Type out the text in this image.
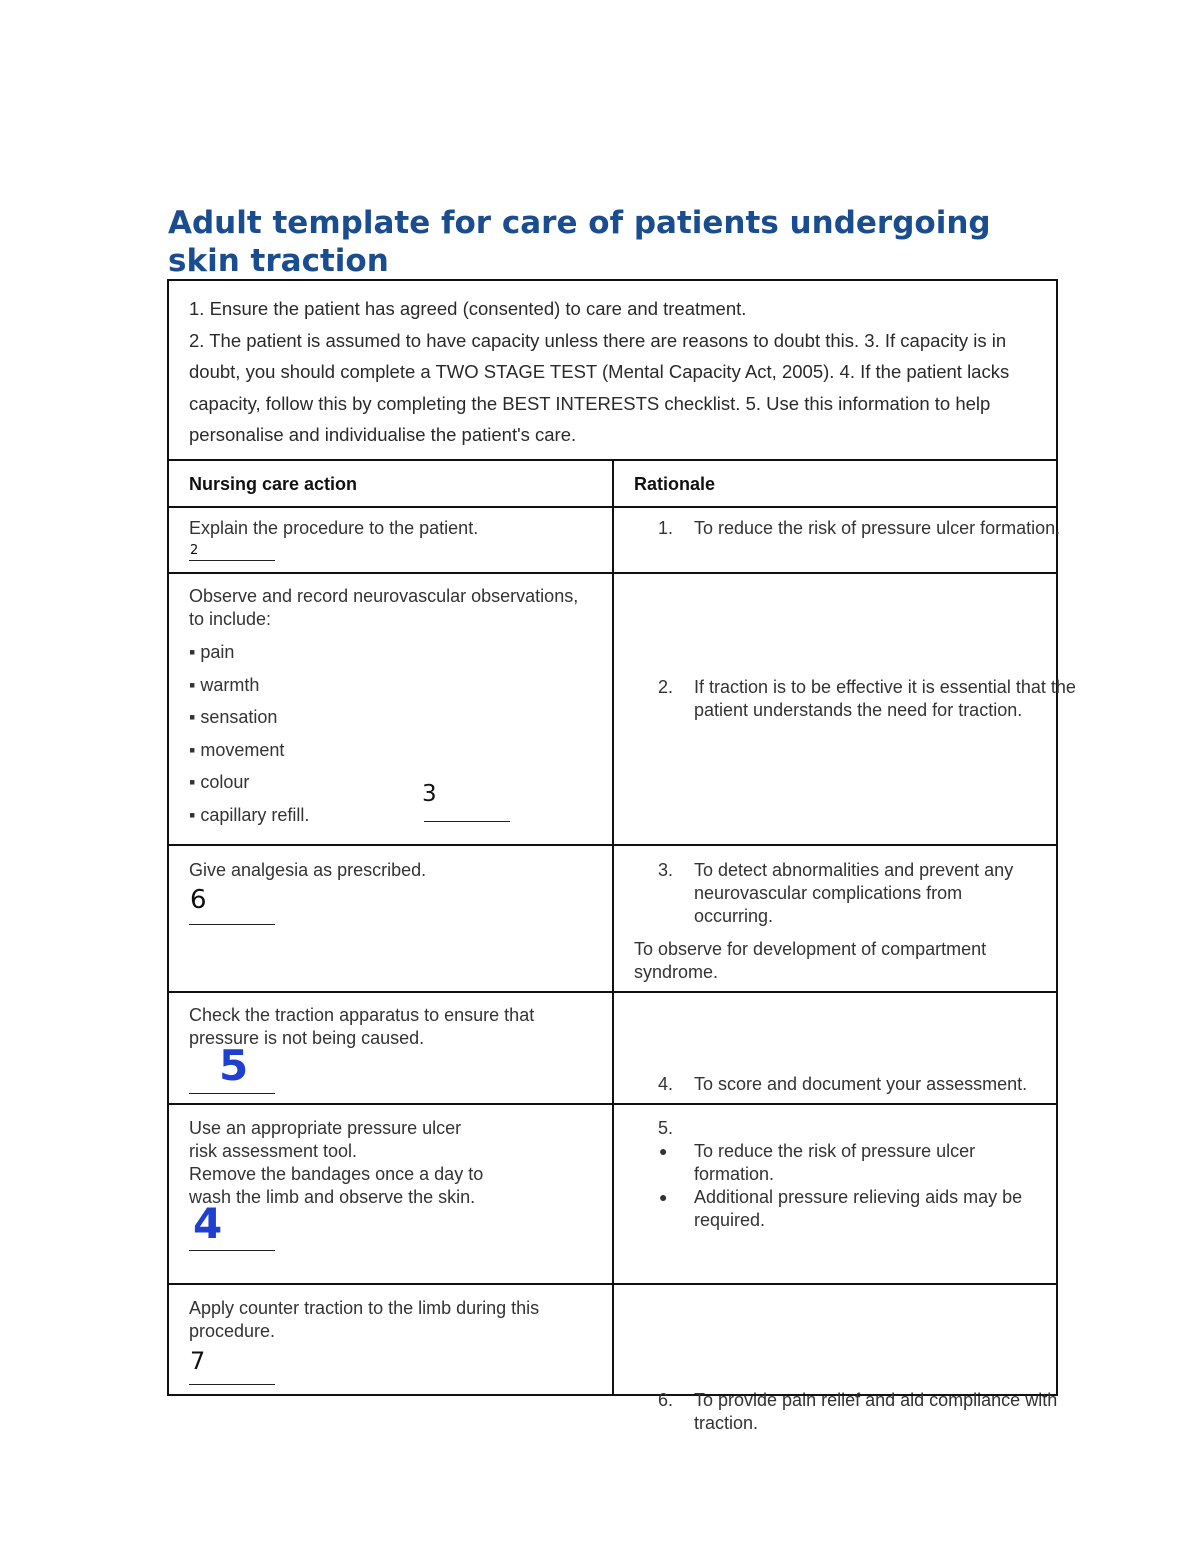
Adult template for care of patients undergoing
skin traction

1. Ensure the patient has agreed (consented) to care and treatment.

2. The patient is assumed to have capacity unless there are reasons to doubt this. 3. If capacity is in doubt, you should complete a TWO STAGE TEST (Mental Capacity Act, 2005). 4. If the patient lacks capacity, follow this by completing the BEST INTERESTS checklist. 5. Use this information to help personalise and individualise the patient's care.

Nursing care action	Rationale
Explain the procedure to the patient.
2
1. To reduce the risk of pressure ulcer formation.
Observe and record neurovascular observations, to include:
▪ pain
▪ warmth
▪ sensation
▪ movement
▪ colour
▪ capillary refill.
3
2. If traction is to be effective it is essential that the patient understands the need for traction.
Give analgesia as prescribed.
6
3. To detect abnormalities and prevent any neurovascular complications from occurring.
To observe for development of compartment syndrome.
Check the traction apparatus to ensure that pressure is not being caused.
5	4. To score and document your assessment.
Use an appropriate pressure ulcer
risk assessment tool.
Remove the bandages once a day to
wash the limb and observe the skin.
4
5.
● To reduce the risk of pressure ulcer formation.
● Additional pressure relieving aids may be required.
Apply counter traction to the limb during this procedure.
7
6. To provide pain relief and aid compliance with traction.
